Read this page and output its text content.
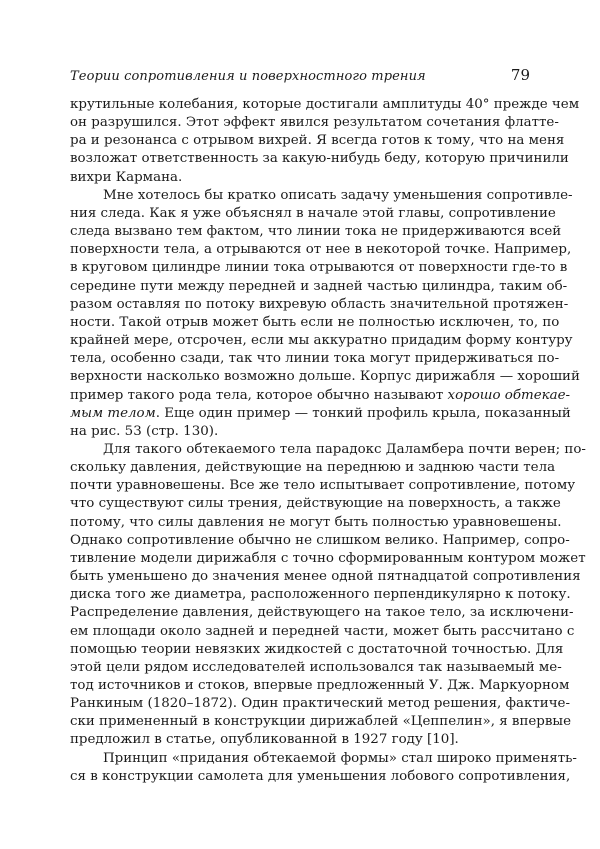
Теории сопротивления и поверхностного трения	79

крутильные колебания, которые достигали амплитуды 40° прежде чем
он разрушился. Этот эффект явился результатом сочетания флатте-
ра и резонанса с отрывом вихрей. Я всегда готов к тому, что на меня
возложат ответственность за какую-нибудь беду, которую причинили
вихри Кармана.

Мне хотелось бы кратко описать задачу уменьшения сопротивле-
ния следа. Как я уже объяснял в начале этой главы, сопротивление
следа вызвано тем фактом, что линии тока не придерживаются всей
поверхности тела, а отрываются от нее в некоторой точке. Например,
в круговом цилиндре линии тока отрываются от поверхности где-то в
середине пути между передней и задней частью цилиндра, таким об-
разом оставляя по потоку вихревую область значительной протяжен-
ности. Такой отрыв может быть если не полностью исключен, то, по
крайней мере, отсрочен, если мы аккуратно придадим форму контуру
тела, особенно сзади, так что линии тока могут придерживаться по-
верхности насколько возможно дольше. Корпус дирижабля — хороший
пример такого рода тела, которое обычно называют хорошо обтекае-
мым телом. Еще один пример — тонкий профиль крыла, показанный
на рис. 53 (стр. 130).

Для такого обтекаемого тела парадокс Даламбера почти верен; по-
скольку давления, действующие на переднюю и заднюю части тела
почти уравновешены. Все же тело испытывает сопротивление, потому
что существуют силы трения, действующие на поверхность, а также
потому, что силы давления не могут быть полностью уравновешены.
Однако сопротивление обычно не слишком велико. Например, сопро-
тивление модели дирижабля с точно сформированным контуром может
быть уменьшено до значения менее одной пятнадцатой сопротивления
диска того же диаметра, расположенного перпендикулярно к потоку.
Распределение давления, действующего на такое тело, за исключени-
ем площади около задней и передней части, может быть рассчитано с
помощью теории невязких жидкостей с достаточной точностью. Для
этой цели рядом исследователей использовался так называемый ме-
тод источников и стоков, впервые предложенный У. Дж. Маркуорном
Ранкиным (1820–1872). Один практический метод решения, фактиче-
ски примененный в конструкции дирижаблей «Цеппелин», я впервые
предложил в статье, опубликованной в 1927 году [10].

Принцип «придания обтекаемой формы» стал широко применять-
ся в конструкции самолета для уменьшения лобового сопротивления,
